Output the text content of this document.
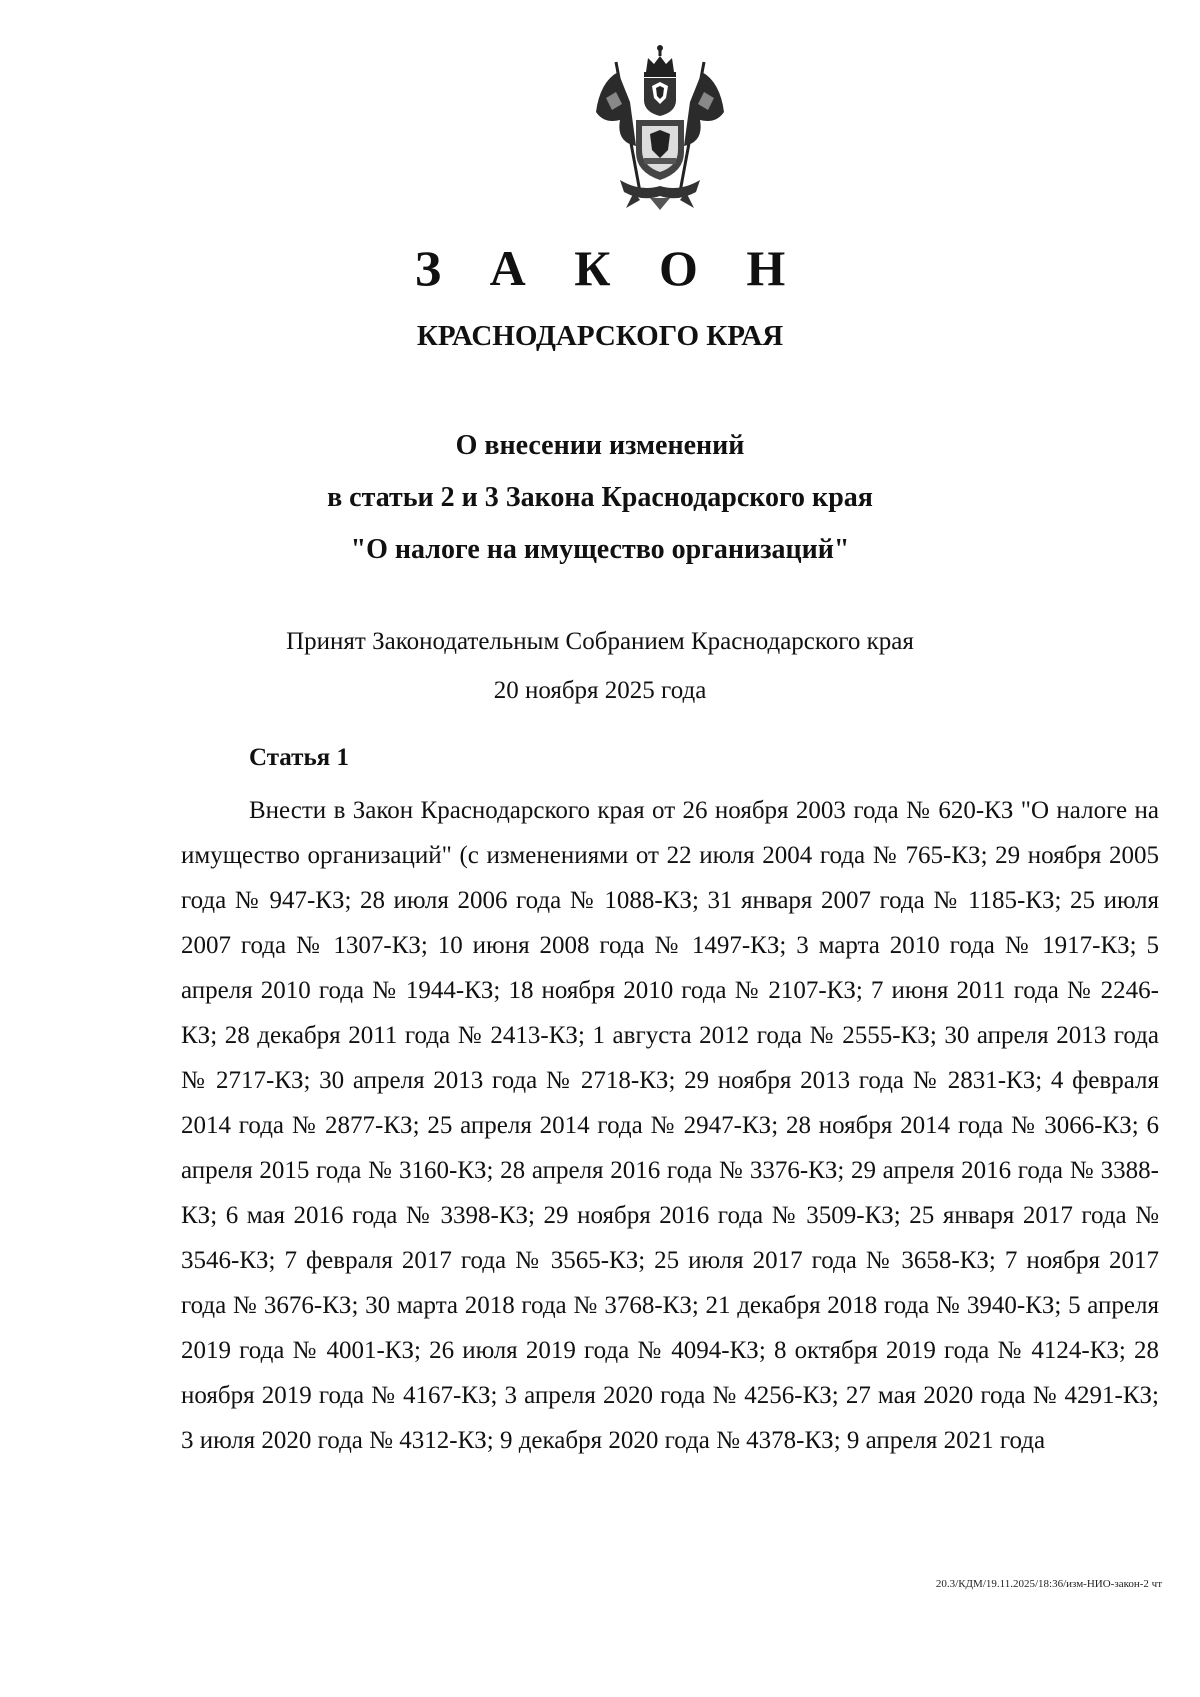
З А К О Н
КРАСНОДАРСКОГО КРАЯ
О внесении изменений
в статьи 2 и 3 Закона Краснодарского края
"О налоге на имущество организаций"
Принят Законодательным Собранием Краснодарского края
20 ноября 2025 года
Статья 1

Внести в Закон Краснодарского края от 26 ноября 2003 года № 620-КЗ "О налоге на имущество организаций" (с изменениями от 22 июля 2004 года № 765-КЗ; 29 ноября 2005 года № 947-КЗ; 28 июля 2006 года № 1088-КЗ; 31 января 2007 года № 1185-КЗ; 25 июля 2007 года № 1307-КЗ; 10 июня 2008 года № 1497-КЗ; 3 марта 2010 года № 1917-КЗ; 5 апреля 2010 года № 1944-КЗ; 18 ноября 2010 года № 2107-КЗ; 7 июня 2011 года № 2246-КЗ; 28 декабря 2011 года № 2413-КЗ; 1 августа 2012 года № 2555-КЗ; 30 апреля 2013 года № 2717-КЗ; 30 апреля 2013 года № 2718-КЗ; 29 ноября 2013 года № 2831-КЗ; 4 февраля 2014 года № 2877-КЗ; 25 апреля 2014 года № 2947-КЗ; 28 ноября 2014 года № 3066-КЗ; 6 апреля 2015 года № 3160-КЗ; 28 апреля 2016 года № 3376-КЗ; 29 апреля 2016 года № 3388-КЗ; 6 мая 2016 года № 3398-КЗ; 29 ноября 2016 года № 3509-КЗ; 25 января 2017 года № 3546-КЗ; 7 февраля 2017 года № 3565-КЗ; 25 июля 2017 года № 3658-КЗ; 7 ноября 2017 года № 3676-КЗ; 30 марта 2018 года № 3768-КЗ; 21 декабря 2018 года № 3940-КЗ; 5 апреля 2019 года № 4001-КЗ; 26 июля 2019 года № 4094-КЗ; 8 октября 2019 года № 4124-КЗ; 28 ноября 2019 года № 4167-КЗ; 3 апреля 2020 года № 4256-КЗ; 27 мая 2020 года № 4291-КЗ; 3 июля 2020 года № 4312-КЗ; 9 декабря 2020 года № 4378-КЗ; 9 апреля 2021 года

20.3/КДМ/19.11.2025/18:36/изм-НИО-закон-2 чт
